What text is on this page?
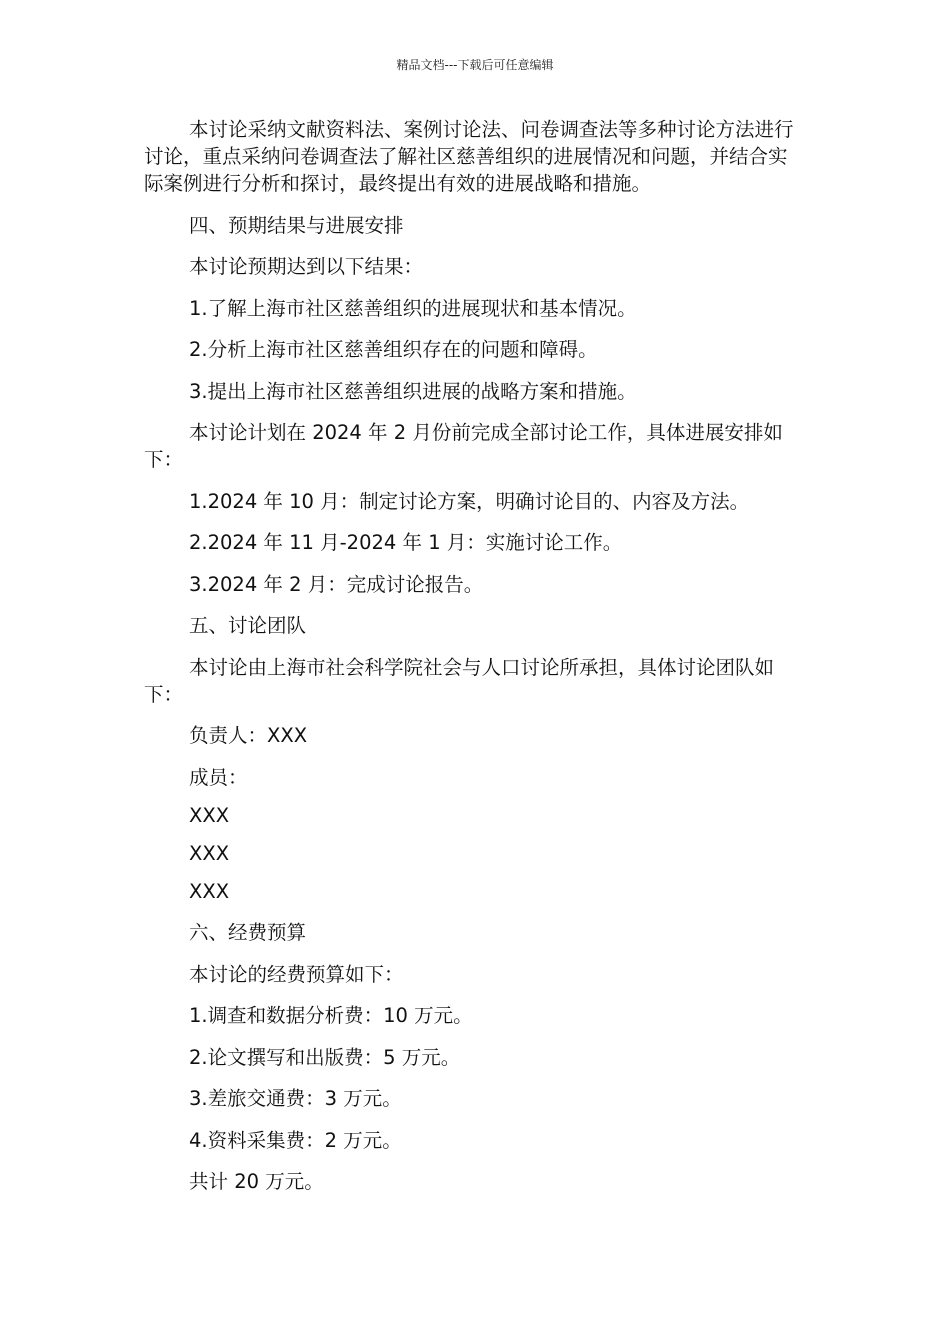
精品文档---下载后可任意编辑

本讨论采纳文献资料法、案例讨论法、问卷调查法等多种讨论方法进行讨论，重点采纳问卷调查法了解社区慈善组织的进展情况和问题，并结合实际案例进行分析和探讨，最终提出有效的进展战略和措施。

四、预期结果与进展安排

本讨论预期达到以下结果：

1.了解上海市社区慈善组织的进展现状和基本情况。

2.分析上海市社区慈善组织存在的问题和障碍。

3.提出上海市社区慈善组织进展的战略方案和措施。

本讨论计划在 2024 年 2 月份前完成全部讨论工作，具体进展安排如下：

1.2024 年 10 月：制定讨论方案，明确讨论目的、内容及方法。

2.2024 年 11 月-2024 年 1 月：实施讨论工作。

3.2024 年 2 月：完成讨论报告。

五、讨论团队

本讨论由上海市社会科学院社会与人口讨论所承担，具体讨论团队如下：

负责人：XXX

成员：

XXX

XXX

XXX

六、经费预算

本讨论的经费预算如下：

1.调查和数据分析费：10 万元。

2.论文撰写和出版费：5 万元。

3.差旅交通费：3 万元。

4.资料采集费：2 万元。

共计 20 万元。
